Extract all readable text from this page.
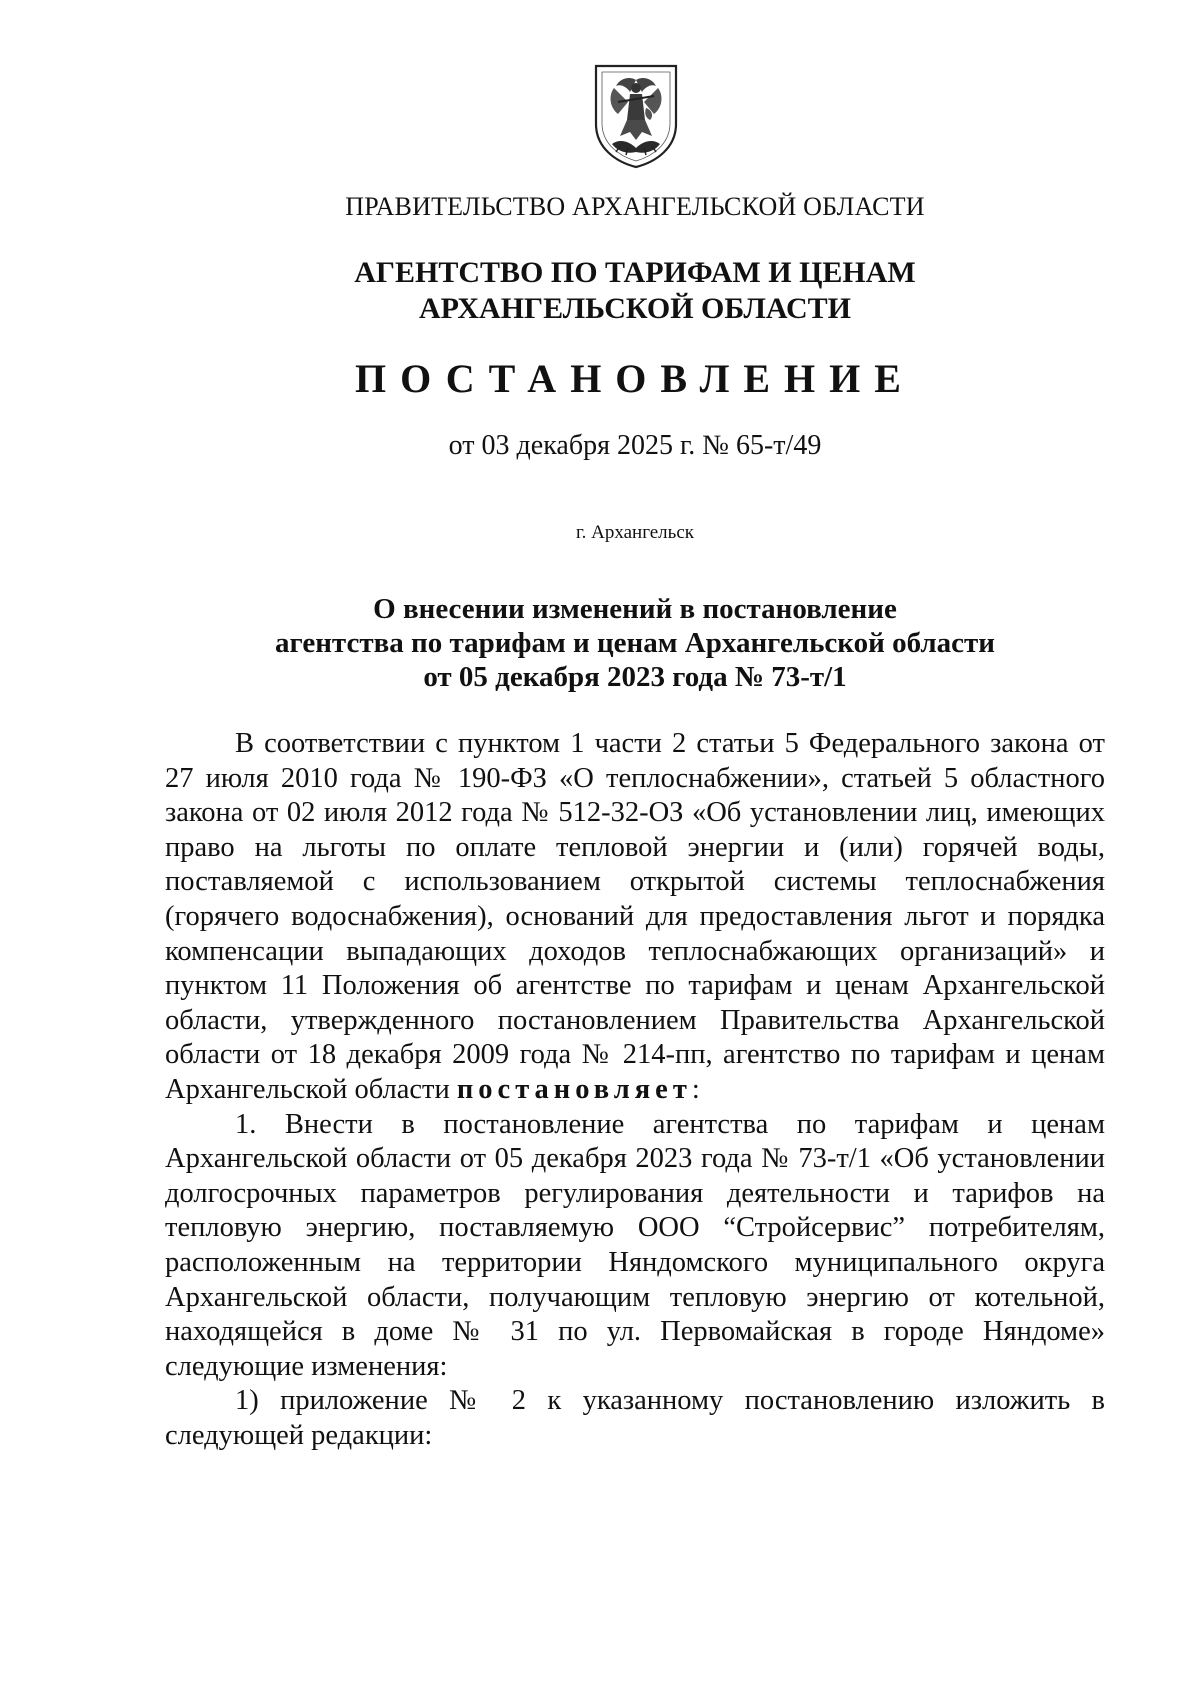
ПРАВИТЕЛЬСТВО АРХАНГЕЛЬСКОЙ ОБЛАСТИ
АГЕНТСТВО ПО ТАРИФАМ И ЦЕНАМ
АРХАНГЕЛЬСКОЙ ОБЛАСТИ
ПОСТАНОВЛЕНИЕ
от 03 декабря 2025 г. № 65-т/49
г. Архангельск
О внесении изменений в постановление
агентства по тарифам и ценам Архангельской области
от 05 декабря 2023 года № 73-т/1

В соответствии с пунктом 1 части 2 статьи 5 Федерального закона от 27 июля 2010 года № 190-ФЗ «О теплоснабжении», статьей 5 областного закона от 02 июля 2012 года № 512-32-ОЗ «Об установлении лиц, имеющих право на льготы по оплате тепловой энергии и (или) горячей воды, поставляемой с использованием открытой системы теплоснабжения (горячего водоснабжения), оснований для предоставления льгот и порядка компенсации выпадающих доходов теплоснабжающих организаций» и пунктом 11 Положения об агентстве по тарифам и ценам Архангельской области, утвержденного постановлением Правительства Архангельской области от 18 декабря 2009 года № 214-пп, агентство по тарифам и ценам Архангельской области постановляет:

1. Внести в постановление агентства по тарифам и ценам Архангельской области от 05 декабря 2023 года № 73-т/1 «Об установлении долгосрочных параметров регулирования деятельности и тарифов на тепловую энергию, поставляемую ООО “Стройсервис” потребителям, расположенным на территории Няндомского муниципального округа Архангельской области, получающим тепловую энергию от котельной, находящейся в доме № 31 по ул. Первомайская в городе Няндоме» следующие изменения:

1) приложение № 2 к указанному постановлению изложить в следующей редакции:
